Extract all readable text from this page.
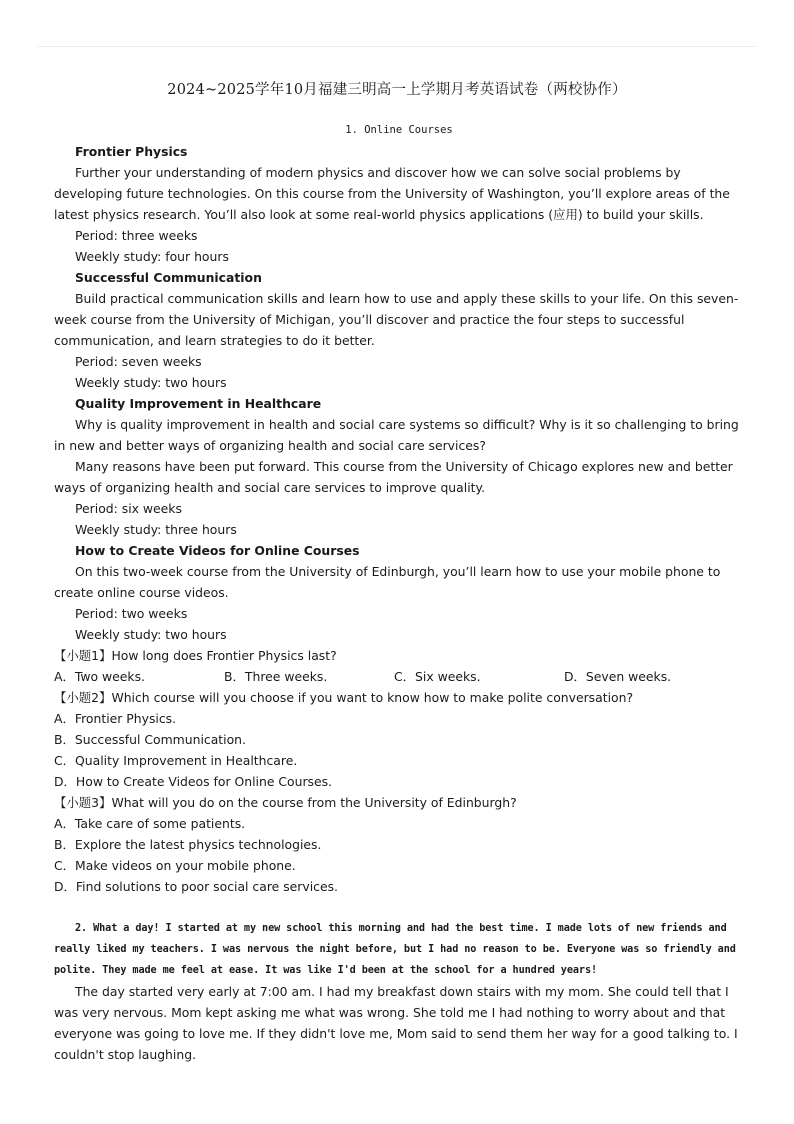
2024~2025学年10月福建三明高一上学期月考英语试卷（两校协作）

1. Online Courses

Frontier Physics

Further your understanding of modern physics and discover how we can solve social problems by developing future technologies. On this course from the University of Washington, you’ll explore areas of the latest physics research. You’ll also look at some real-world physics applications (应用) to build your skills.

Period: three weeks

Weekly study: four hours

Successful Communication

Build practical communication skills and learn how to use and apply these skills to your life. On this seven-week course from the University of Michigan, you’ll discover and practice the four steps to successful communication, and learn strategies to do it better.

Period: seven weeks

Weekly study: two hours

Quality Improvement in Healthcare

Why is quality improvement in health and social care systems so difficult? Why is it so challenging to bring in new and better ways of organizing health and social care services?

Many reasons have been put forward. This course from the University of Chicago explores new and better ways of organizing health and social care services to improve quality.

Period: six weeks

Weekly study: three hours

How to Create Videos for Online Courses

On this two-week course from the University of Edinburgh, you’ll learn how to use your mobile phone to create online course videos.

Period: two weeks

Weekly study: two hours

【小题1】How long does Frontier Physics last?

A．Two weeks.	B．Three weeks.	C．Six weeks.	D．Seven weeks.

【小题2】Which course will you choose if you want to know how to make polite conversation?

A．Frontier Physics.

B．Successful Communication.

C．Quality Improvement in Healthcare.

D．How to Create Videos for Online Courses.

【小题3】What will you do on the course from the University of Edinburgh?

A．Take care of some patients.

B．Explore the latest physics technologies.

C．Make videos on your mobile phone.

D．Find solutions to poor social care services.

2. What a day! I started at my new school this morning and had the best time. I made lots of new friends and really liked my teachers. I was nervous the night before, but I had no reason to be. Everyone was so friendly and polite. They made me feel at ease. It was like I'd been at the school for a hundred years!

The day started very early at 7:00 am. I had my breakfast down stairs with my mom. She could tell that I was very nervous. Mom kept asking me what was wrong. She told me I had nothing to worry about and that everyone was going to love me. If they didn't love me, Mom said to send them her way for a good talking to. I couldn't stop laughing.
